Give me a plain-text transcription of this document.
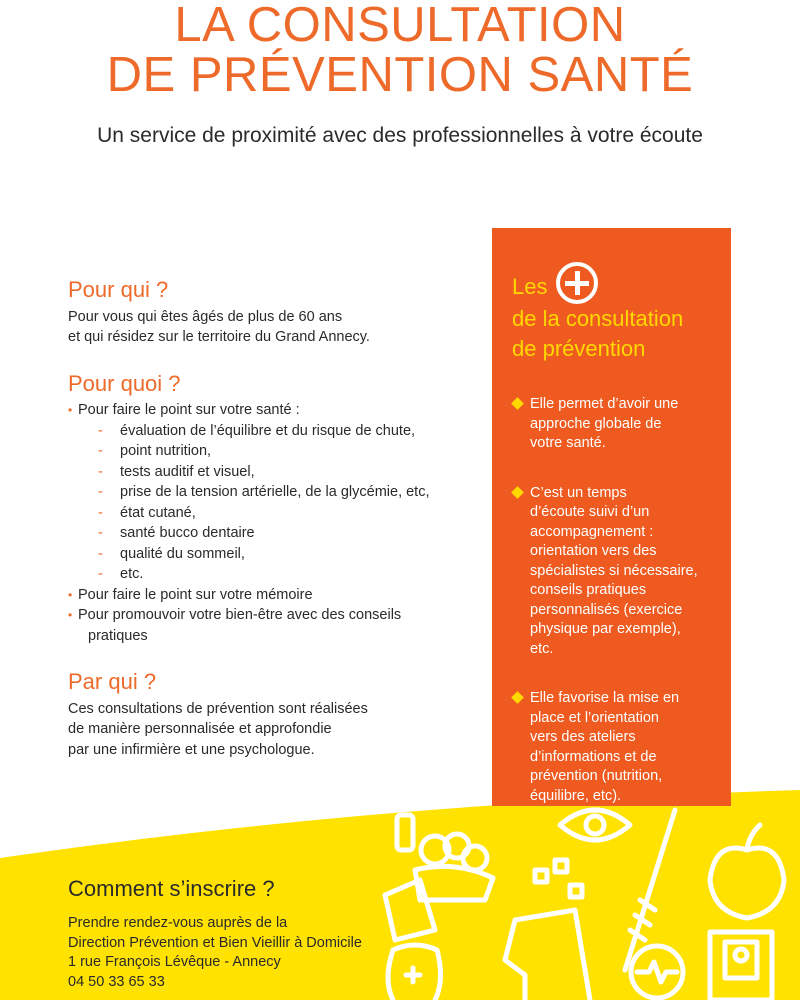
LA CONSULTATION
DE PRÉVENTION SANTÉ

Un service de proximité avec des professionnelles à votre écoute

Pour qui ?

Pour vous qui êtes âgés de plus de 60 ans

et qui résidez sur le territoire du Grand Annecy.

Pour quoi ?
• Pour faire le point sur votre santé :
- évaluation de l’équilibre et du risque de chute,
- point nutrition,
- tests auditif et visuel,
- prise de la tension artérielle, de la glycémie, etc,
- état cutané,
- santé bucco dentaire
- qualité du sommeil,
- etc.
• Pour faire le point sur votre mémoire
• Pour promouvoir votre bien-être avec des conseils
pratiques
Par qui ?

Ces consultations de prévention sont réalisées

de manière personnalisée et approfondie

par une infirmière et une psychologue.

Les
de la consultation
de prévention
Elle permet d’avoir une
approche globale de
votre santé.
C’est un temps
d’écoute suivi d’un
accompagnement :
orientation vers des
spécialistes si nécessaire,
conseils pratiques
personnalisés (exercice
physique par exemple),
etc.
Elle favorise la mise en
place et l’orientation
vers des ateliers
d’informations et de
prévention (nutrition,
équilibre, etc).
Comment s’inscrire ?
Prendre rendez-vous auprès de la
Direction Prévention et Bien Vieillir à Domicile
1 rue François Lévêque - Annecy
04 50 33 65 33
